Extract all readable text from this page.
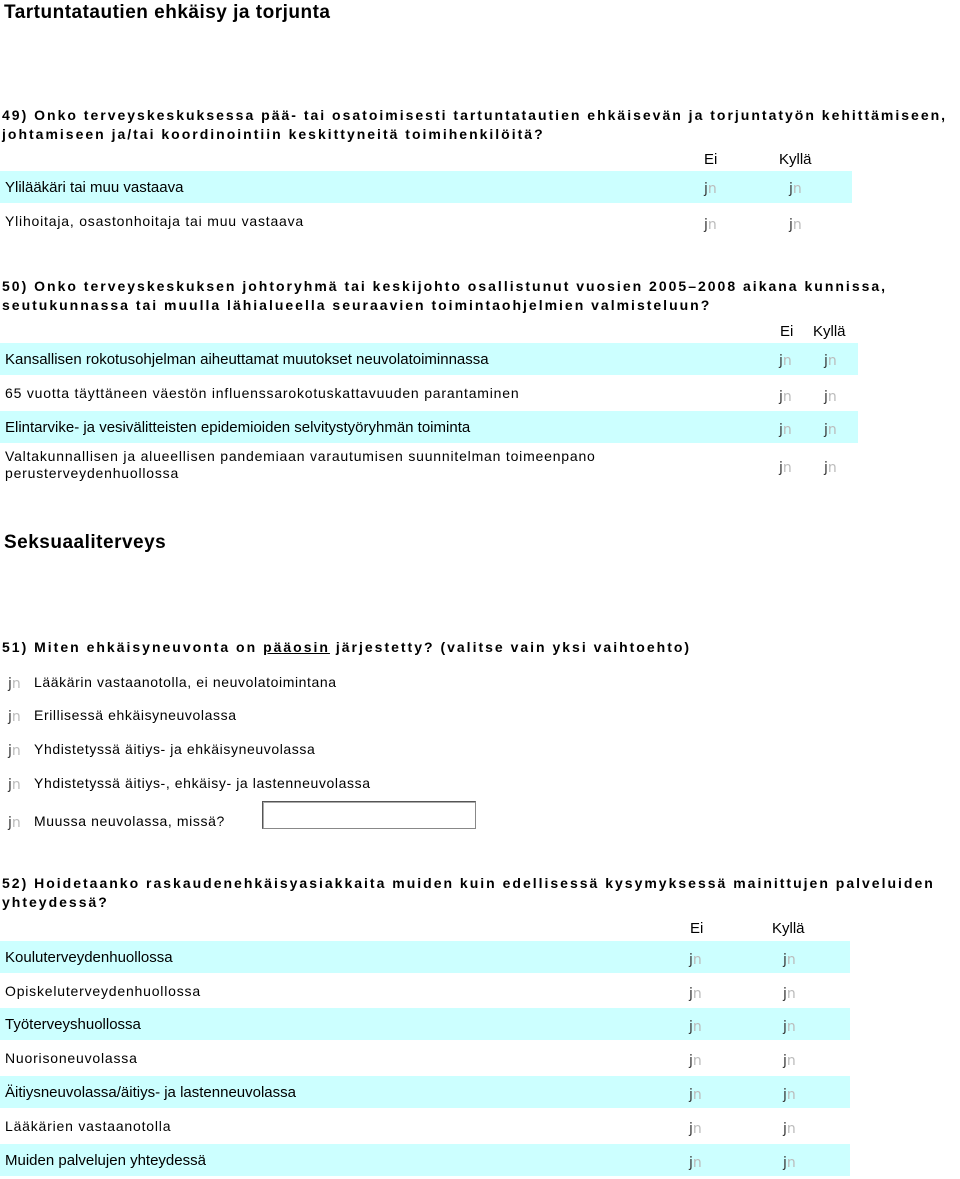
Tartuntatautien ehkäisy ja torjunta
49) Onko terveyskeskuksessa pää- tai osatoimisesti tartuntatautien ehkäisevän ja torjuntatyön kehittämiseen, johtamiseen ja/tai koordinointiin keskittyneitä toimihenkilöitä?
Ei	Kyllä
Ylilääkäri tai muu vastaava	jn	jn
Ylihoitaja, osastonhoitaja tai muu vastaava	jn	jn
50) Onko terveyskeskuksen johtoryhmä tai keskijohto osallistunut vuosien 2005–2008 aikana kunnissa, seutukunnassa tai muulla lähialueella seuraavien toimintaohjelmien valmisteluun?
Ei Kyllä
Kansallisen rokotusohjelman aiheuttamat muutokset neuvolatoiminnassa	jn	jn
65 vuotta täyttäneen väestön influenssarokotuskattavuuden parantaminen	jn	jn
Elintarvike- ja vesivälitteisten epidemioiden selvitystyöryhmän toiminta	jn	jn
Valtakunnallisen ja alueellisen pandemiaan varautumisen suunnitelman toimeenpano
perusterveydenhuollossa	jn	jn
Seksuaaliterveys
51) Miten ehkäisyneuvonta on pääosin järjestetty? (valitse vain yksi vaihtoehto)
jn Lääkärin vastaanotolla, ei neuvolatoimintana
jn Erillisessä ehkäisyneuvolassa
jn Yhdistetyssä äitiys- ja ehkäisyneuvolassa
jn Yhdistetyssä äitiys-, ehkäisy- ja lastenneuvolassa
jn Muussa neuvolassa, missä?
52) Hoidetaanko raskaudenehkäisyasiakkaita muiden kuin edellisessä kysymyksessä mainittujen palveluiden yhteydessä?
Ei	Kyllä
Kouluterveydenhuollossa	jn	jn
Opiskeluterveydenhuollossa	jn	jn
Työterveyshuollossa	jn	jn
Nuorisoneuvolassa	jn	jn
Äitiysneuvolassa/äitiys- ja lastenneuvolassa	jn	jn
Lääkärien vastaanotolla	jn	jn
Muiden palvelujen yhteydessä	jn	jn
